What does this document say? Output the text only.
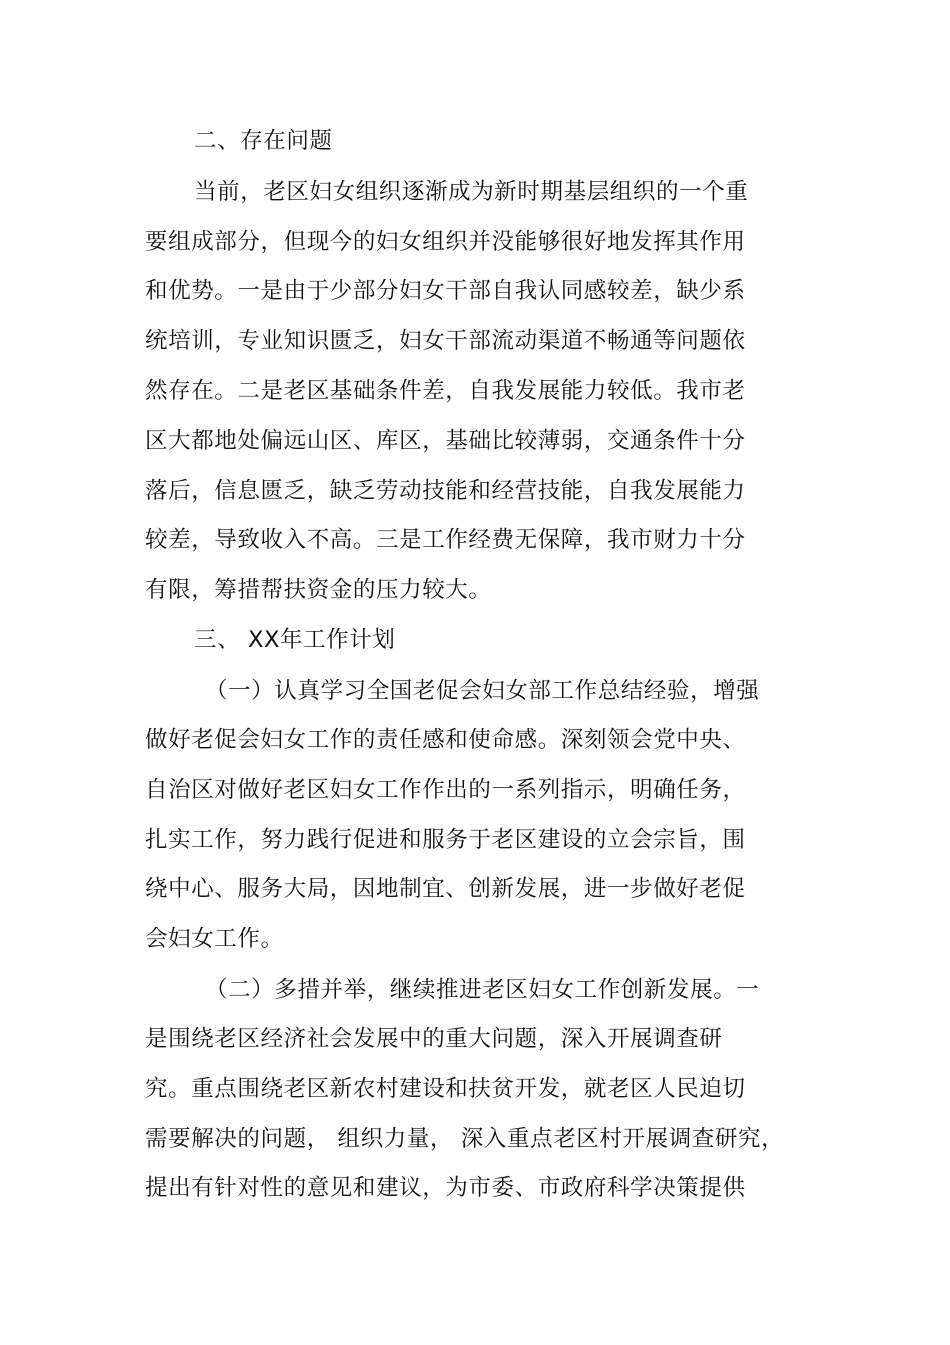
二、存在问题
当前，老区妇女组织逐渐成为新时期基层组织的一个重
要组成部分，但现今的妇女组织并没能够很好地发挥其作用
和优势。一是由于少部分妇女干部自我认同感较差，缺少系
统培训，专业知识匮乏，妇女干部流动渠道不畅通等问题依
然存在。二是老区基础条件差，自我发展能力较低。我市老
区大都地处偏远山区、库区，基础比较薄弱，交通条件十分
落后，信息匮乏，缺乏劳动技能和经营技能，自我发展能力
较差，导致收入不高。三是工作经费无保障，我市财力十分
有限，筹措帮扶资金的压力较大。
三、 XX年工作计划
（一）认真学习全国老促会妇女部工作总结经验，增强
做好老促会妇女工作的责任感和使命感。深刻领会党中央、
自治区对做好老区妇女工作作出的一系列指示，明确任务，
扎实工作，努力践行促进和服务于老区建设的立会宗旨，围
绕中心、服务大局，因地制宜、创新发展，进一步做好老促
会妇女工作。
（二）多措并举，继续推进老区妇女工作创新发展。一
是围绕老区经济社会发展中的重大问题，深入开展调查研
究。重点围绕老区新农村建设和扶贫开发，就老区人民迫切
需要解决的问题， 组织力量， 深入重点老区村开展调查研究，
提出有针对性的意见和建议，为市委、市政府科学决策提供
